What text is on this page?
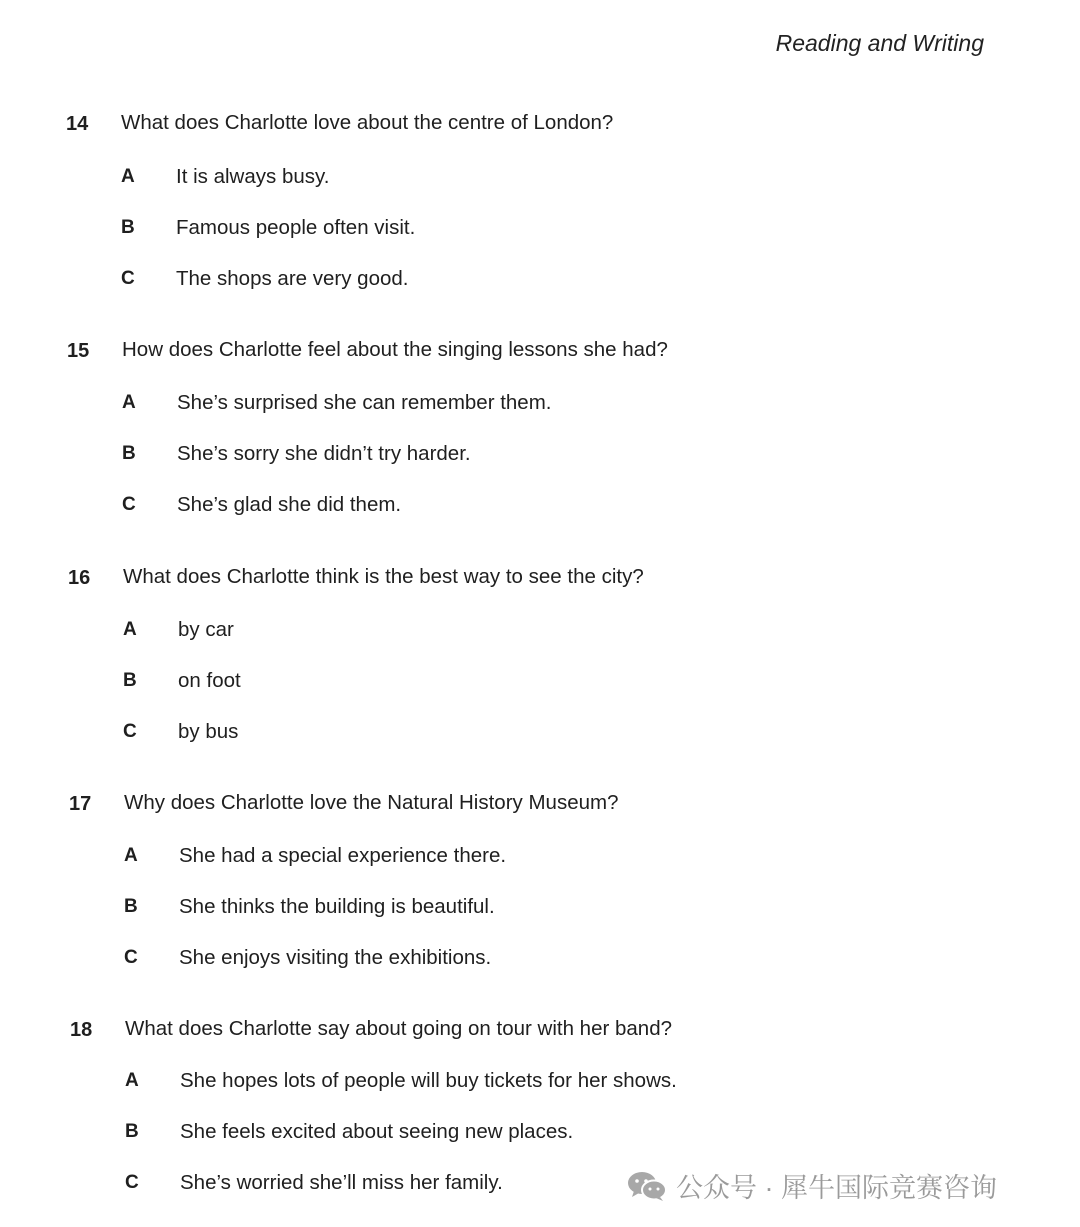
Reading and Writing
14 What does Charlotte love about the centre of London?
A It is always busy.
B Famous people often visit.
C The shops are very good.
15 How does Charlotte feel about the singing lessons she had?
A She’s surprised she can remember them.
B She’s sorry she didn’t try harder.
C She’s glad she did them.
16 What does Charlotte think is the best way to see the city?
A by car
B on foot
C by bus
17 Why does Charlotte love the Natural History Museum?
A She had a special experience there.
B She thinks the building is beautiful.
C She enjoys visiting the exhibitions.
18 What does Charlotte say about going on tour with her band?
A She hopes lots of people will buy tickets for her shows.
B She feels excited about seeing new places.
C She’s worried she’ll miss her family.	公众号 · 犀牛国际竞赛咨询
